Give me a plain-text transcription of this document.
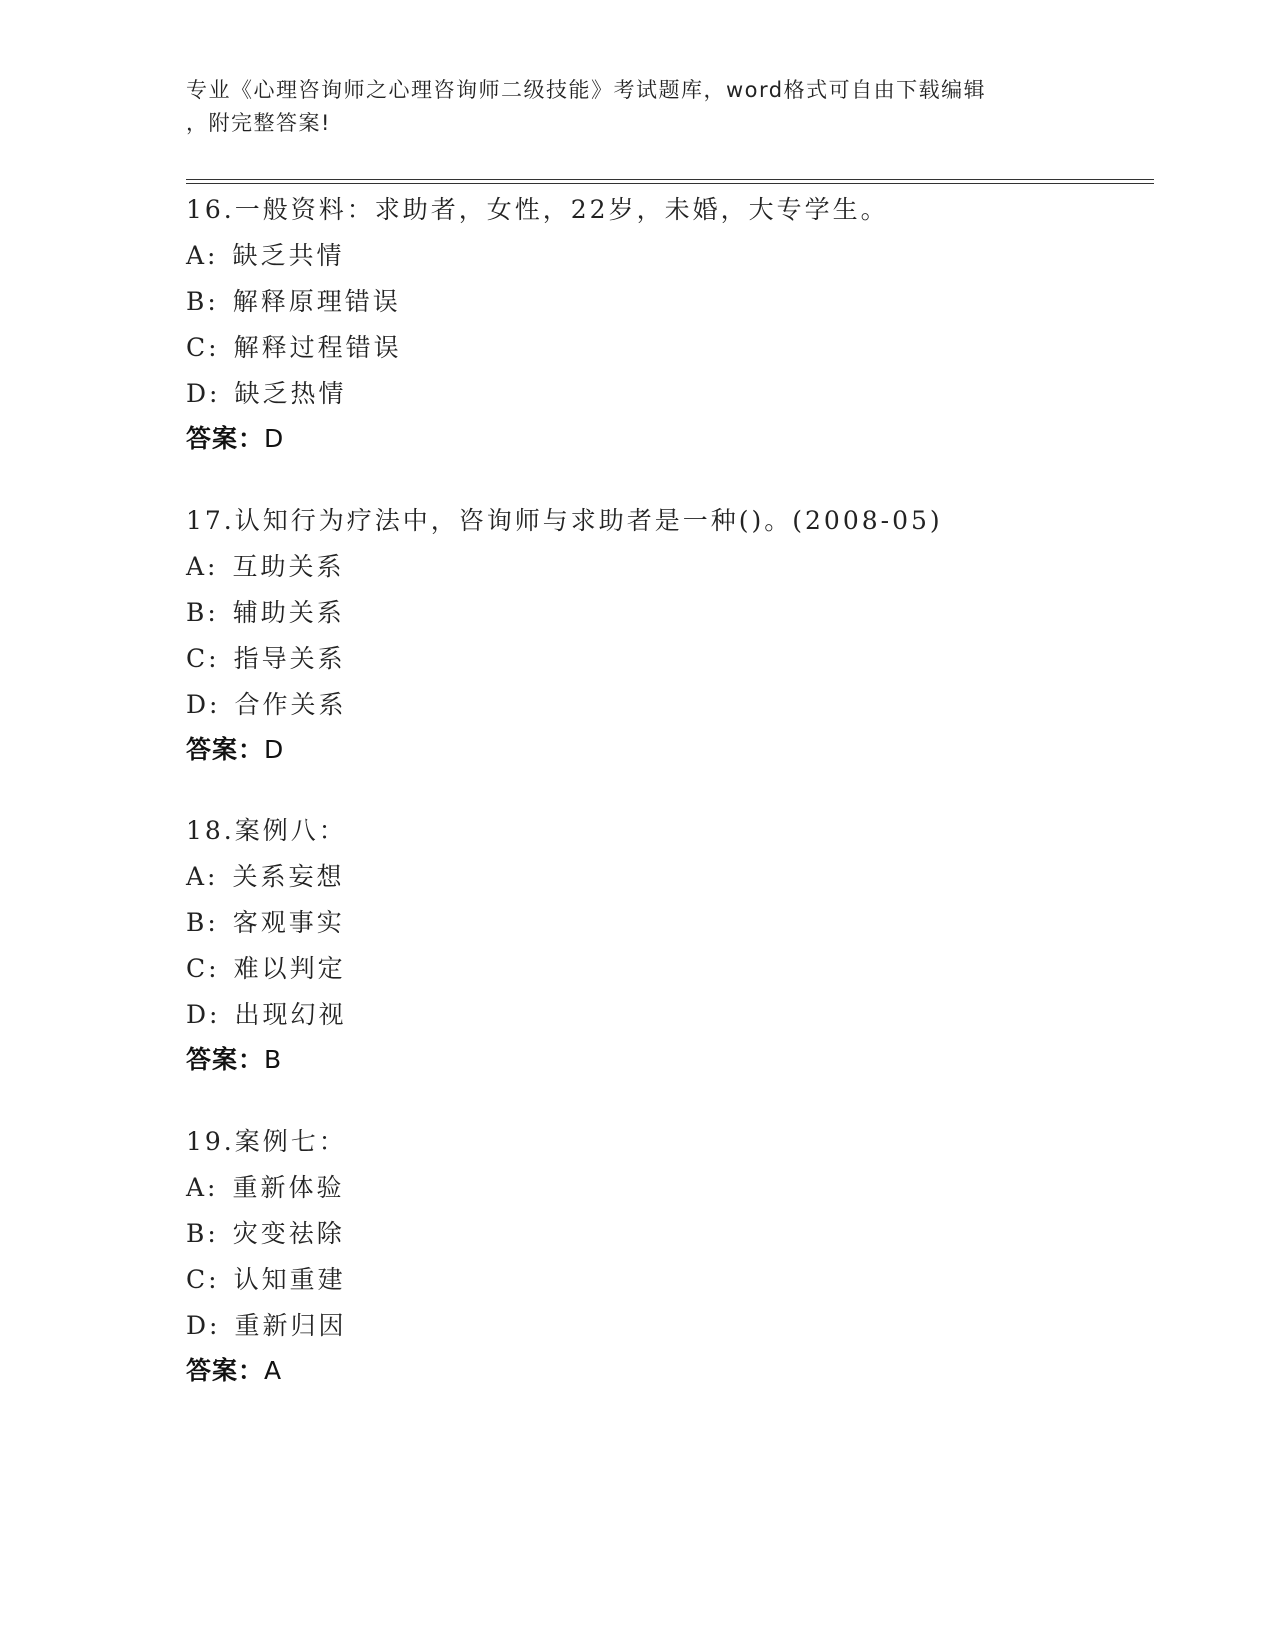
专业《心理咨询师之心理咨询师二级技能》考试题库，word格式可自由下载编辑
，附完整答案!
16.一般资料：求助者，女性，22岁，未婚，大专学生。
A: 缺乏共情
B: 解释原理错误
C: 解释过程错误
D: 缺乏热情
答案：D
17.认知行为疗法中，咨询师与求助者是一种()。(2008-05)
A: 互助关系
B: 辅助关系
C: 指导关系
D: 合作关系
答案：D
18.案例八：
A: 关系妄想
B: 客观事实
C: 难以判定
D: 出现幻视
答案：B
19.案例七：
A: 重新体验
B: 灾变祛除
C: 认知重建
D: 重新归因
答案：A
